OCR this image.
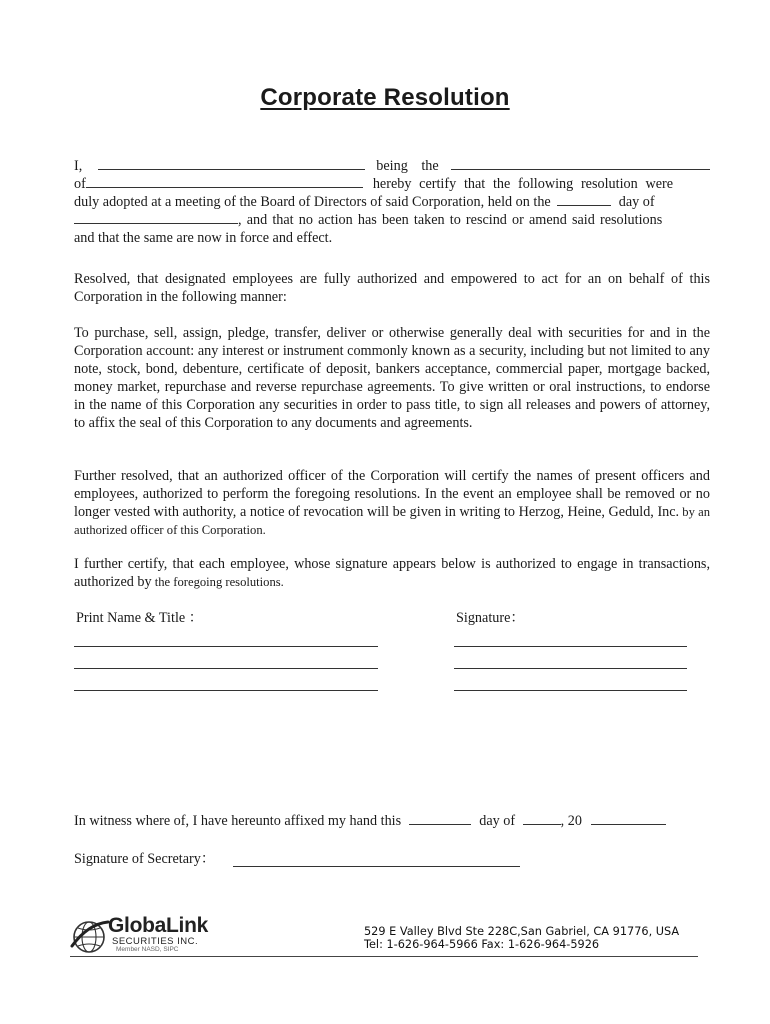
Corporate Resolution
I,	being the
of	hereby certify that the following resolution were
duly adopted at a meeting of the Board of Directors of said Corporation, held on the	day of
, and that no action has been taken to rescind or amend said resolutions
and that the same are now in force and effect.

Resolved, that designated employees are fully authorized and empowered to act for an on behalf of this Corporation in the following manner:

To purchase, sell, assign, pledge, transfer, deliver or otherwise generally deal with securities for and in the Corporation account: any interest or instrument commonly known as a security, including but not limited to any note, stock, bond, debenture, certificate of deposit, bankers acceptance, commercial paper, mortgage backed, money market, repurchase and reverse repurchase agreements. To give written or oral instructions, to endorse in the name of this Corporation any securities in order to pass title, to sign all releases and powers of attorney, to affix the seal of this Corporation to any documents and agreements.

Further resolved, that an authorized officer of the Corporation will certify the names of present officers and employees, authorized to perform the foregoing resolutions. In the event an employee shall be removed or no longer vested with authority, a notice of revocation will be given in writing to Herzog, Heine, Geduld, Inc. by an authorized officer of this Corporation.

I further certify, that each employee, whose signature appears below is authorized to engage in transactions, authorized by the foregoing resolutions.

Print Name & Title ：	Signature：
In witness where of, I have hereunto affixed my hand this	day of	, 20
Signature of Secretary：
GlobaLink
SECURITIES INC.
Member NASD, SIPC
529 E Valley Blvd Ste 228C,San Gabriel, CA 91776, USA
Tel: 1-626-964-5966 Fax: 1-626-964-5926
